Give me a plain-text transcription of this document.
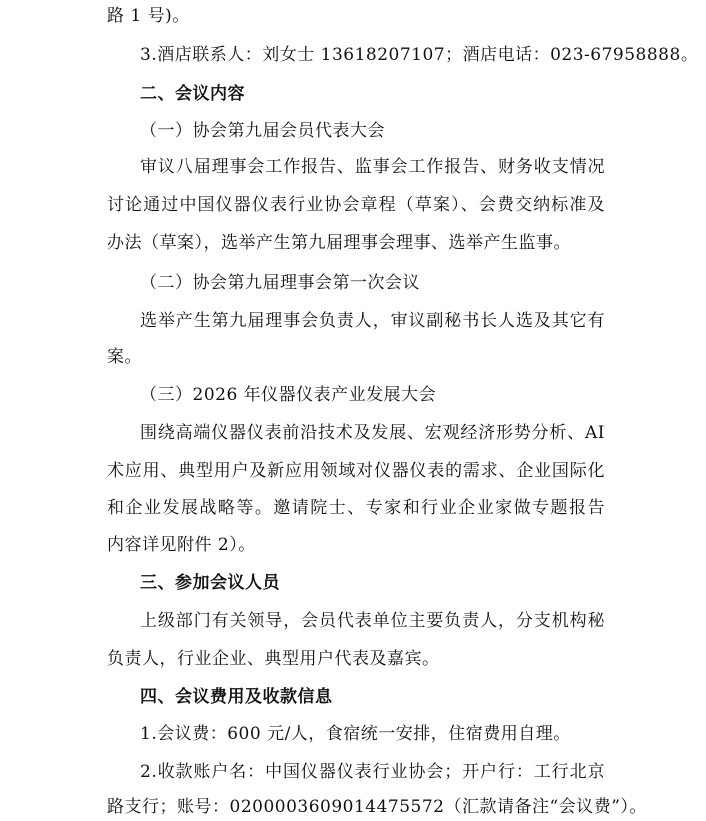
路 1 号)。
3.酒店联系人：刘女士 13618207107；酒店电话：023-67958888。
二、会议内容
（一）协会第九届会员代表大会
审议八届理事会工作报告、监事会工作报告、财务收支情况
讨论通过中国仪器仪表行业协会章程（草案）、会费交纳标准及
办法（草案），选举产生第九届理事会理事、选举产生监事。
（二）协会第九届理事会第一次会议
选举产生第九届理事会负责人，审议副秘书长人选及其它有
案。
（三）2026 年仪器仪表产业发展大会
围绕高端仪器仪表前沿技术及发展、宏观经济形势分析、AI
术应用、典型用户及新应用领域对仪器仪表的需求、企业国际化
和企业发展战略等。邀请院士、专家和行业企业家做专题报告
内容详见附件 2）。
三、参加会议人员
上级部门有关领导，会员代表单位主要负责人，分支机构秘
负责人，行业企业、典型用户代表及嘉宾。
四、会议费用及收款信息
1.会议费：600 元/人，食宿统一安排，住宿费用自理。
2.收款账户名：中国仪器仪表行业协会；开户行：工行北京
路支行；账号：0200003609014475572（汇款请备注“会议费”）。
